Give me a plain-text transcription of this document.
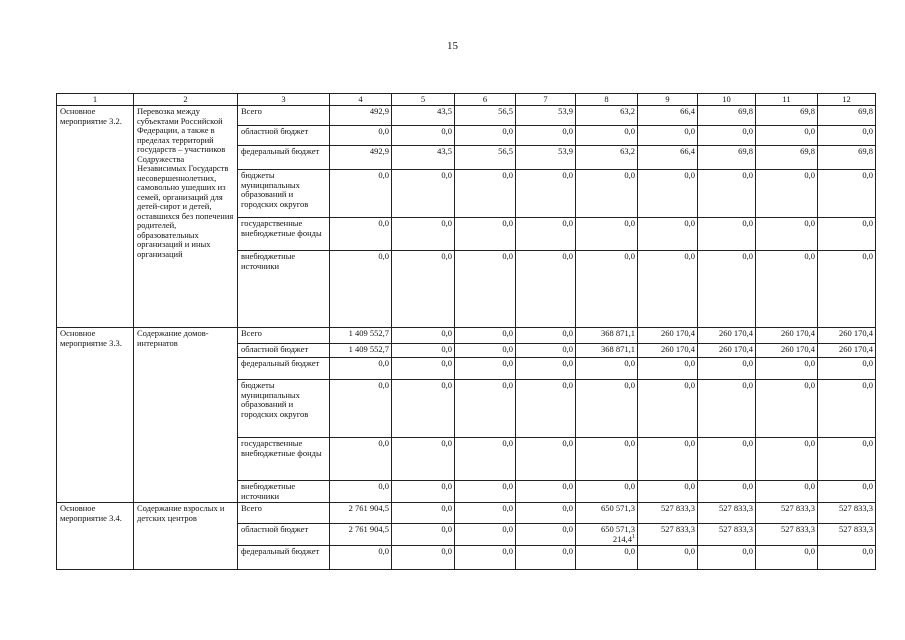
15
1	2	3	4	5	6	7	8	9	10	11	12
Основное мероприятие 3.2.	Перевозка между субъектами Российской Федерации, а также в пределах территорий государств – участников Содружества Независимых Государств несовершеннолетних, самовольно ушедших из семей, организаций для детей-сирот и детей, оставшихся без попечения родителей, образовательных организаций и иных организаций	Всего	492,9	43,5	56,5	53,9	63,2	66,4	69,8	69,8	69,8
		областной бюджет	0,0	0,0	0,0	0,0	0,0	0,0	0,0	0,0	0,0
		федеральный бюджет	492,9	43,5	56,5	53,9	63,2	66,4	69,8	69,8	69,8
		бюджеты муниципальных образований и городских округов	0,0	0,0	0,0	0,0	0,0	0,0	0,0	0,0	0,0
		государственные внебюджетные фонды	0,0	0,0	0,0	0,0	0,0	0,0	0,0	0,0	0,0
		внебюджетные источники	0,0	0,0	0,0	0,0	0,0	0,0	0,0	0,0	0,0
Основное мероприятие 3.3.	Содержание домов-интернатов	Всего	1 409 552,7	0,0	0,0	0,0	368 871,1	260 170,4	260 170,4	260 170,4	260 170,4
		областной бюджет	1 409 552,7	0,0	0,0	0,0	368 871,1	260 170,4	260 170,4	260 170,4	260 170,4
		федеральный бюджет	0,0	0,0	0,0	0,0	0,0	0,0	0,0	0,0	0,0
		бюджеты муниципальных образований и городских округов	0,0	0,0	0,0	0,0	0,0	0,0	0,0	0,0	0,0
		государственные внебюджетные фонды	0,0	0,0	0,0	0,0	0,0	0,0	0,0	0,0	0,0
		внебюджетные источники	0,0	0,0	0,0	0,0	0,0	0,0	0,0	0,0	0,0
Основное мероприятие 3.4.	Содержание взрослых и детских центров	Всего	2 761 904,5	0,0	0,0	0,0	650 571,3	527 833,3	527 833,3	527 833,3	527 833,3
		областной бюджет	2 761 904,5	0,0	0,0	0,0	650 571,3 214,4$^1$	527 833,3	527 833,3	527 833,3	527 833,3
		федеральный бюджет	0,0	0,0	0,0	0,0	0,0	0,0	0,0	0,0	0,0
